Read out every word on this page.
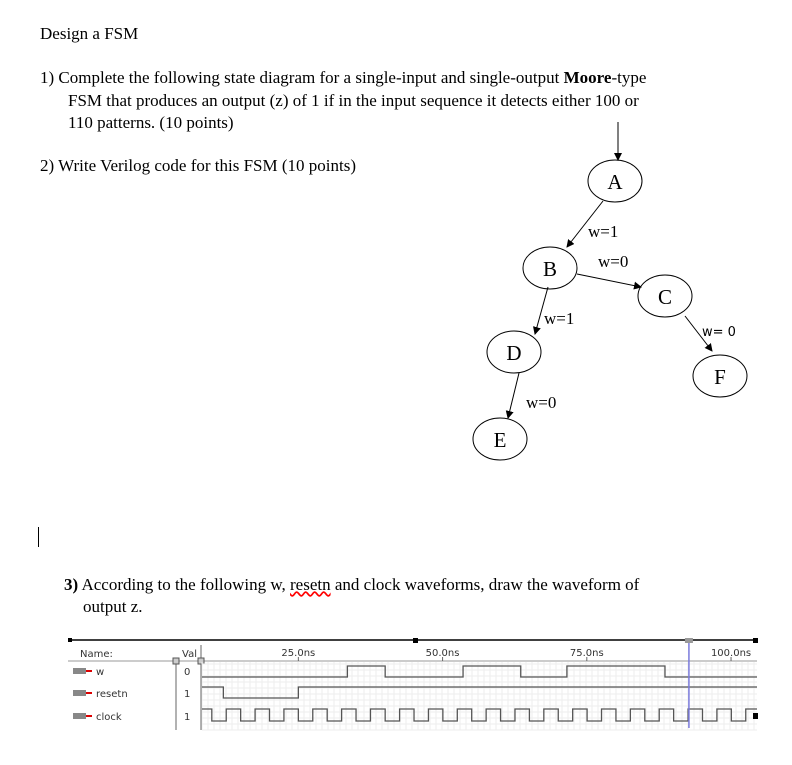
Design a FSM
1) Complete the following state diagram for a single-input and single-output Moore-type
FSM that produces an output (z) of 1 if in the input sequence it detects either 100 or
110 patterns. (10 points)
2) Write Verilog code for this FSM (10 points)
A
B
C
D
E
F
w=1
w=0
w=1
w= 0
w=0
3) According to the following w, resetn and clock waveforms, draw the waveform of
output z.
Name:	Val	25.0ns	50.0ns	75.0ns	100.0ns
w	0
resetn	1
clock	1
